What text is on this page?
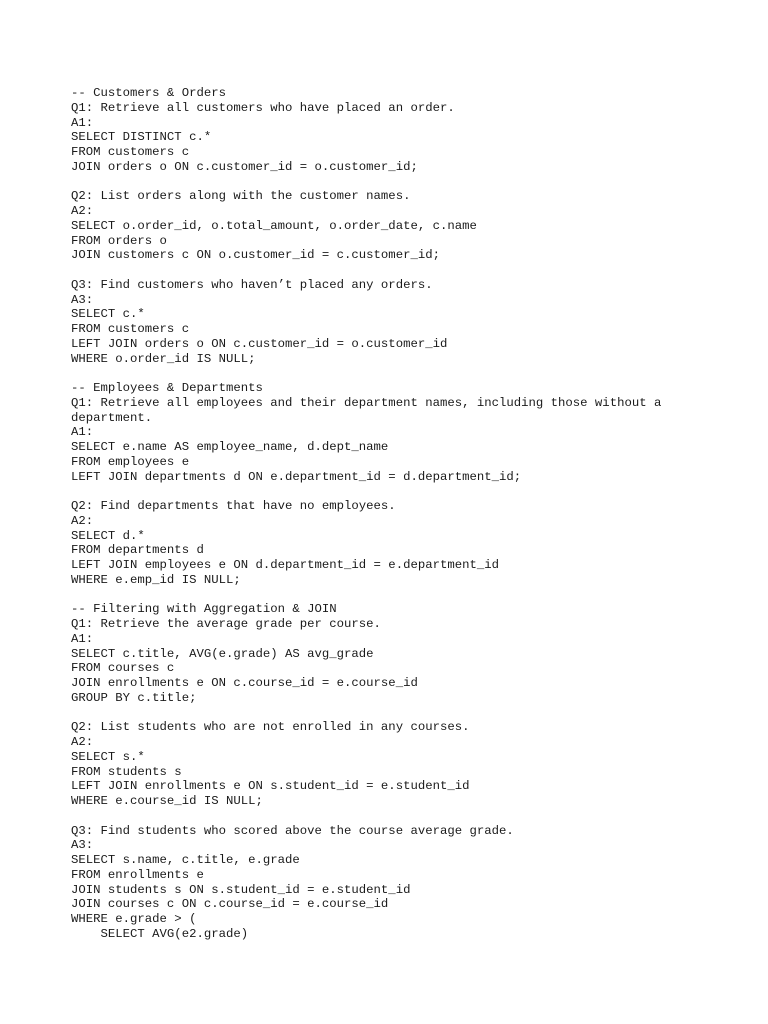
-- Customers & Orders
Q1: Retrieve all customers who have placed an order.
A1:
SELECT DISTINCT c.*
FROM customers c
JOIN orders o ON c.customer_id = o.customer_id;
Q2: List orders along with the customer names.
A2:
SELECT o.order_id, o.total_amount, o.order_date, c.name
FROM orders o
JOIN customers c ON o.customer_id = c.customer_id;
Q3: Find customers who haven’t placed any orders.
A3:
SELECT c.*
FROM customers c
LEFT JOIN orders o ON c.customer_id = o.customer_id
WHERE o.order_id IS NULL;
-- Employees & Departments
Q1: Retrieve all employees and their department names, including those without a
department.
A1:
SELECT e.name AS employee_name, d.dept_name
FROM employees e
LEFT JOIN departments d ON e.department_id = d.department_id;
Q2: Find departments that have no employees.
A2:
SELECT d.*
FROM departments d
LEFT JOIN employees e ON d.department_id = e.department_id
WHERE e.emp_id IS NULL;
-- Filtering with Aggregation & JOIN
Q1: Retrieve the average grade per course.
A1:
SELECT c.title, AVG(e.grade) AS avg_grade
FROM courses c
JOIN enrollments e ON c.course_id = e.course_id
GROUP BY c.title;
Q2: List students who are not enrolled in any courses.
A2:
SELECT s.*
FROM students s
LEFT JOIN enrollments e ON s.student_id = e.student_id
WHERE e.course_id IS NULL;
Q3: Find students who scored above the course average grade.
A3:
SELECT s.name, c.title, e.grade
FROM enrollments e
JOIN students s ON s.student_id = e.student_id
JOIN courses c ON c.course_id = e.course_id
WHERE e.grade > (
SELECT AVG(e2.grade)
